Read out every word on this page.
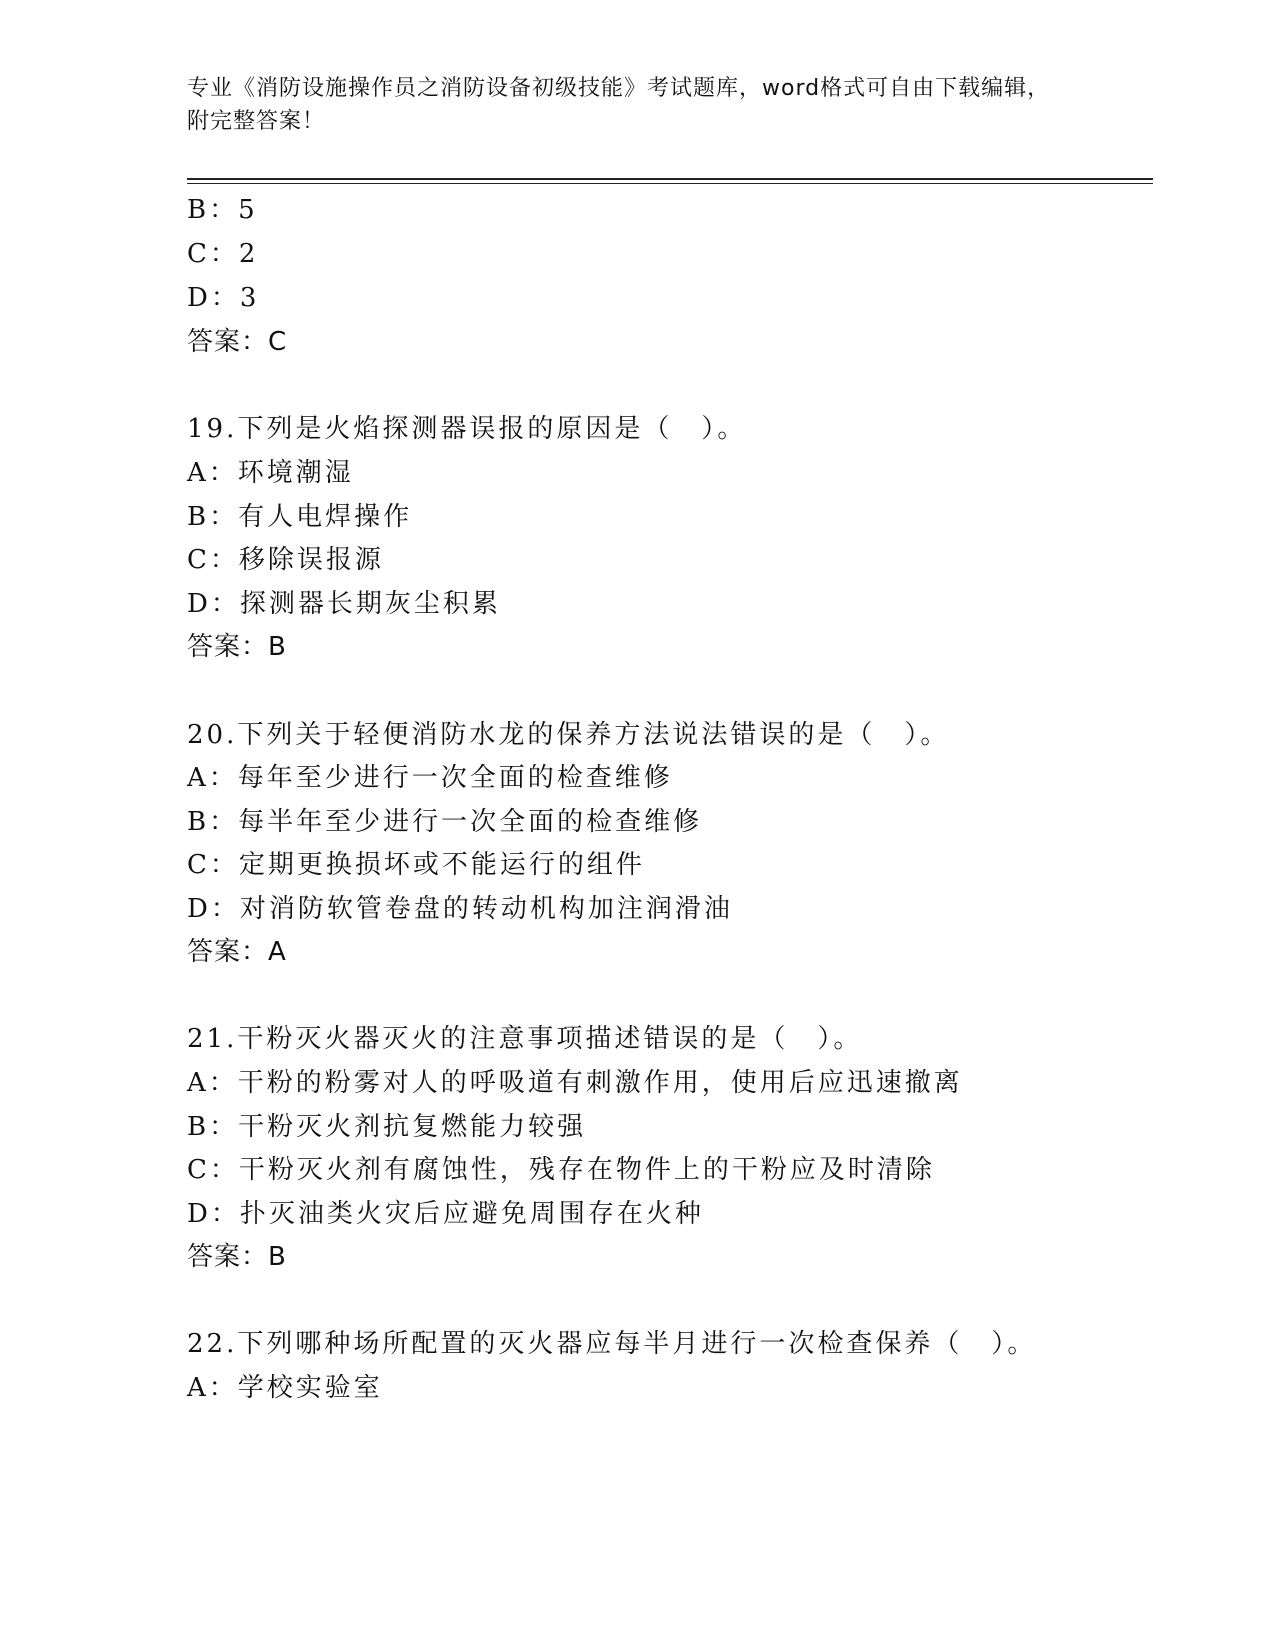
专业《消防设施操作员之消防设备初级技能》考试题库，word格式可自由下载编辑，附完整答案！
B：5
C：2
D：3
答案：C
19.下列是火焰探测器误报的原因是（　）。
A：环境潮湿
B：有人电焊操作
C：移除误报源
D：探测器长期灰尘积累
答案：B
20.下列关于轻便消防水龙的保养方法说法错误的是（　）。
A：每年至少进行一次全面的检查维修
B：每半年至少进行一次全面的检查维修
C：定期更换损坏或不能运行的组件
D：对消防软管卷盘的转动机构加注润滑油
答案：A
21.干粉灭火器灭火的注意事项描述错误的是（　）。
A：干粉的粉雾对人的呼吸道有刺激作用，使用后应迅速撤离
B：干粉灭火剂抗复燃能力较强
C：干粉灭火剂有腐蚀性，残存在物件上的干粉应及时清除
D：扑灭油类火灾后应避免周围存在火种
答案：B
22.下列哪种场所配置的灭火器应每半月进行一次检查保养（　）。
A：学校实验室
